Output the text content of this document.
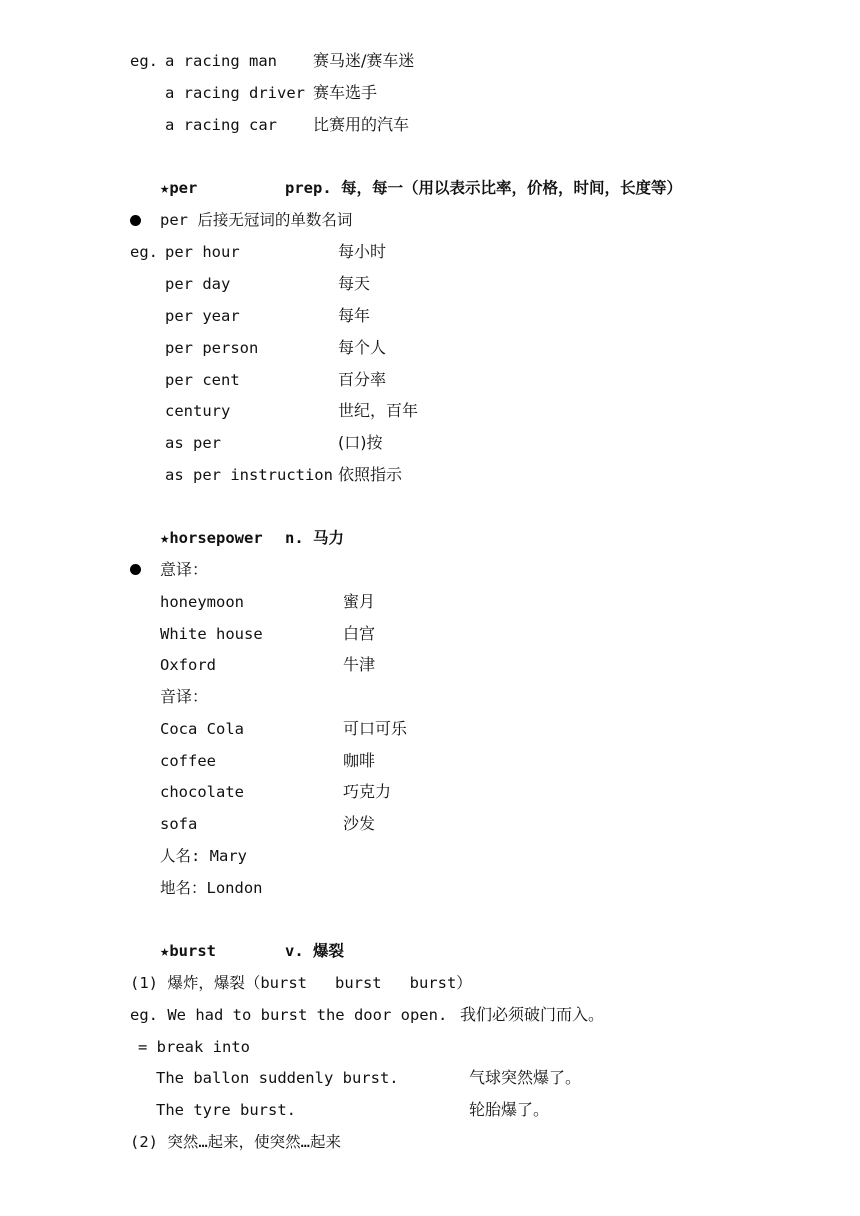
eg. a racing man 赛马迷/赛车迷
a racing driver 赛车选手
a racing car 比赛用的汽车
★per	prep. 每，每一（用以表示比率，价格，时间，长度等）
per 后接无冠词的单数名词
eg. per hour	每小时
per day	每天
per year	每年
per person	每个人
per cent	百分率
century	世纪，百年
as per	(口)按
as per instruction 依照指示
★horsepower n. 马力
意译：
honeymoon	蜜月
White house	白宫
Oxford	牛津
音译：
Coca Cola	可口可乐
coffee	咖啡
chocolate	巧克力
sofa	沙发
人名: Mary
地名：London
★burst	v. 爆裂
(1) 爆炸，爆裂（burst   burst   burst）
eg. We had to burst the door open. 我们必须破门而入。
= break into
The ballon suddenly burst.	气球突然爆了。
The tyre burst.	轮胎爆了。
(2) 突然…起来，使突然…起来
